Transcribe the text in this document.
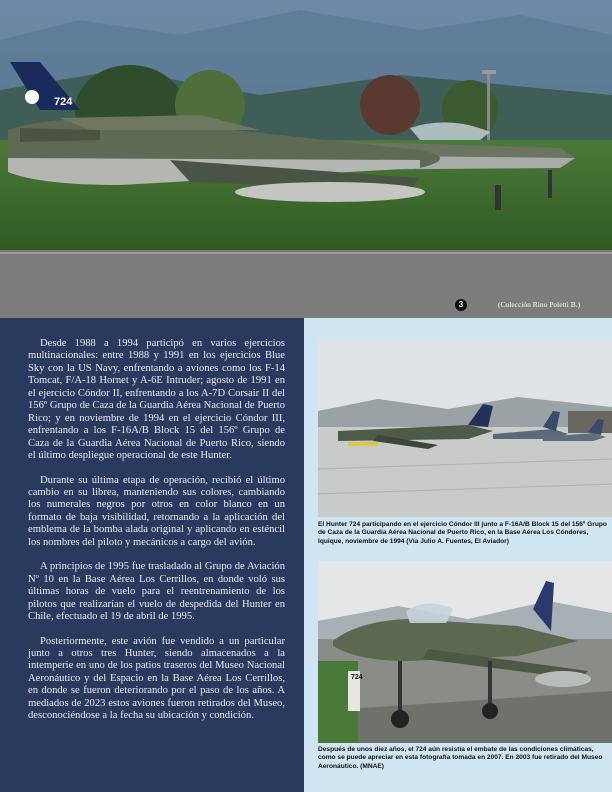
724
3	(Colección Rino Poletti B.)

Desde 1988 a 1994 participó en varios ejercicios multinacionales: entre 1988 y 1991 en los ejercicios Blue Sky con la US Navy, enfrentando a aviones como los F-14 Tomcat, F/A-18 Hornet y A-6E Intruder; agosto de 1991 en el ejercicio Cóndor II, enfrentando a los A-7D Corsair II del 156º Grupo de Caza de la Guardia Aérea Nacional de Puerto Rico; y en noviembre de 1994 en el ejercicio Cóndor III, enfrentando a los F-16A/B Block 15 del 156º Grupo de Caza de la Guardia Aérea Nacional de Puerto Rico, siendo el último despliegue operacional de este Hunter.

Durante su última etapa de operación, recibió el último cambio en su librea, manteniendo sus colores, cambiando los numerales negros por otros en color blanco en un formato de baja visibilidad, retornando a la aplicación del emblema de la bomba alada original y aplicando en esténcil los nombres del piloto y mecánicos a cargo del avión.

A principios de 1995 fue trasladado al Grupo de Aviación Nº 10 en la Base Aérea Los Cerrillos, en donde voló sus últimas horas de vuelo para el reentrenamiento de los pilotos que realizarían el vuelo de despedida del Hunter en Chile, efectuado el 19 de abril de 1995.

Posteriormente, este avión fue vendido a un particular junto a otros tres Hunter, siendo almacenados a la intemperie en uno de los patios traseros del Museo Nacional Aeronáutico y del Espacio en la Base Aérea Los Cerrillos, en donde se fueron deteriorando por el paso de los años. A mediados de 2023 estos aviones fueron retirados del Museo, desconociéndose a la fecha su ubicación y condición.

El Hunter 724 participando en el ejercicio Cóndor III junto a F-16A/B Block 15 del 156º Grupo de Caza de la Guardia Aérea Nacional de Puerto Rico, en la Base Aérea Los Cóndores, Iquique, noviembre de 1994 (Vía Julio A. Fuentes, El Aviador)
724
Después de unos diez años, el 724 aún resistía el embate de las condiciones climáticas, como se puede apreciar en esta fotografía tomada en 2007. En 2003 fue retirado del Museo Aeronáutico. (MNAE)
